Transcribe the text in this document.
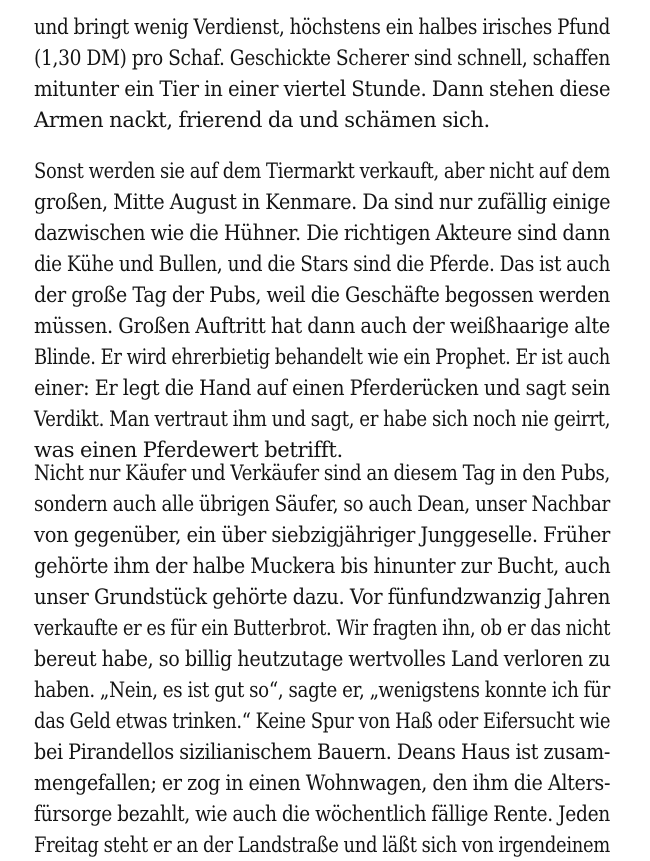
und bringt wenig Verdienst, höchstens ein halbes irisches Pfund
(1,30 DM) pro Schaf. Geschickte Scherer sind schnell, schaffen
mitunter ein Tier in einer viertel Stunde. Dann stehen diese
Armen nackt, frierend da und schämen sich.
Sonst werden sie auf dem Tiermarkt verkauft, aber nicht auf dem
großen, Mitte August in Kenmare. Da sind nur zufällig einige
dazwischen wie die Hühner. Die richtigen Akteure sind dann
die Kühe und Bullen, und die Stars sind die Pferde. Das ist auch
der große Tag der Pubs, weil die Geschäfte begossen werden
müssen. Großen Auftritt hat dann auch der weißhaarige alte
Blinde. Er wird ehrerbietig behandelt wie ein Prophet. Er ist auch
einer: Er legt die Hand auf einen Pferderücken und sagt sein
Verdikt. Man vertraut ihm und sagt, er habe sich noch nie geirrt,
was einen Pferdewert betrifft.
Nicht nur Käufer und Verkäufer sind an diesem Tag in den Pubs,
sondern auch alle übrigen Säufer, so auch Dean, unser Nachbar
von gegenüber, ein über siebzigjähriger Junggeselle. Früher
gehörte ihm der halbe Muckera bis hinunter zur Bucht, auch
unser Grundstück gehörte dazu. Vor fünfundzwanzig Jahren
verkaufte er es für ein Butterbrot. Wir fragten ihn, ob er das nicht
bereut habe, so billig heutzutage wertvolles Land verloren zu
haben. „Nein, es ist gut so“, sagte er, „wenigstens konnte ich für
das Geld etwas trinken.“ Keine Spur von Haß oder Eifersucht wie
bei Pirandellos sizilianischem Bauern. Deans Haus ist zusam-
mengefallen; er zog in einen Wohnwagen, den ihm die Alters-
fürsorge bezahlt, wie auch die wöchentlich fällige Rente. Jeden
Freitag steht er an der Landstraße und läßt sich von irgendeinem
